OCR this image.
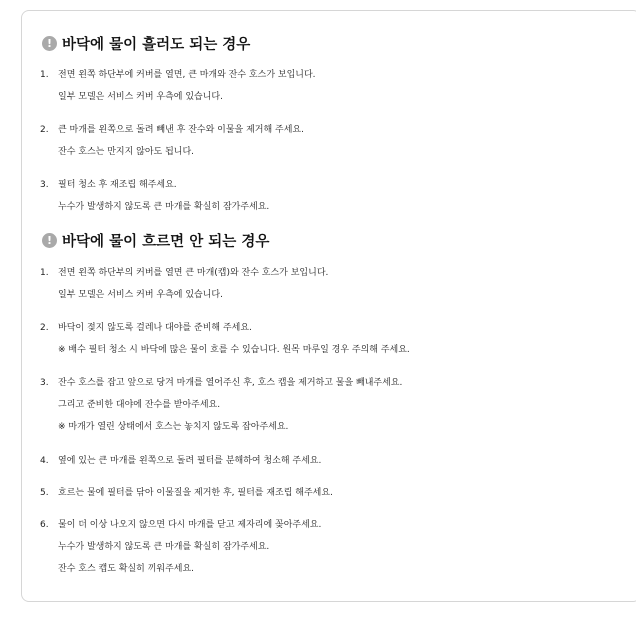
! 바닥에 물이 흘러도 되는 경우
1. 전면 왼쪽 하단부에 커버를 열면, 큰 마개와 잔수 호스가 보입니다.
일부 모델은 서비스 커버 우측에 있습니다.
2. 큰 마개를 왼쪽으로 돌려 빼낸 후 잔수와 이물을 제거해 주세요.
잔수 호스는 만지지 않아도 됩니다.
3. 필터 청소 후 재조립 해주세요.
누수가 발생하지 않도록 큰 마개를 확실히 잠가주세요.
! 바닥에 물이 흐르면 안 되는 경우
1. 전면 왼쪽 하단부의 커버를 열면 큰 마개(캡)와 잔수 호스가 보입니다.
일부 모델은 서비스 커버 우측에 있습니다.
2. 바닥이 젖지 않도록 걸레나 대야를 준비해 주세요.
※ 배수 필터 청소 시 바닥에 많은 물이 흐를 수 있습니다. 원목 마루일 경우 주의해 주세요.
3. 잔수 호스를 잡고 앞으로 당겨 마개를 열어주신 후, 호스 캡을 제거하고 물을 빼내주세요.
그리고 준비한 대야에 잔수를 받아주세요.
※ 마개가 열린 상태에서 호스는 놓치지 않도록 잡아주세요.
4. 옆에 있는 큰 마개를 왼쪽으로 돌려 필터를 분해하여 청소해 주세요.
5. 흐르는 물에 필터를 닦아 이물질을 제거한 후, 필터를 재조립 해주세요.
6. 물이 더 이상 나오지 않으면 다시 마개를 닫고 제자리에 꽂아주세요.
누수가 발생하지 않도록 큰 마개를 확실히 잠가주세요.
잔수 호스 캡도 확실히 끼워주세요.
